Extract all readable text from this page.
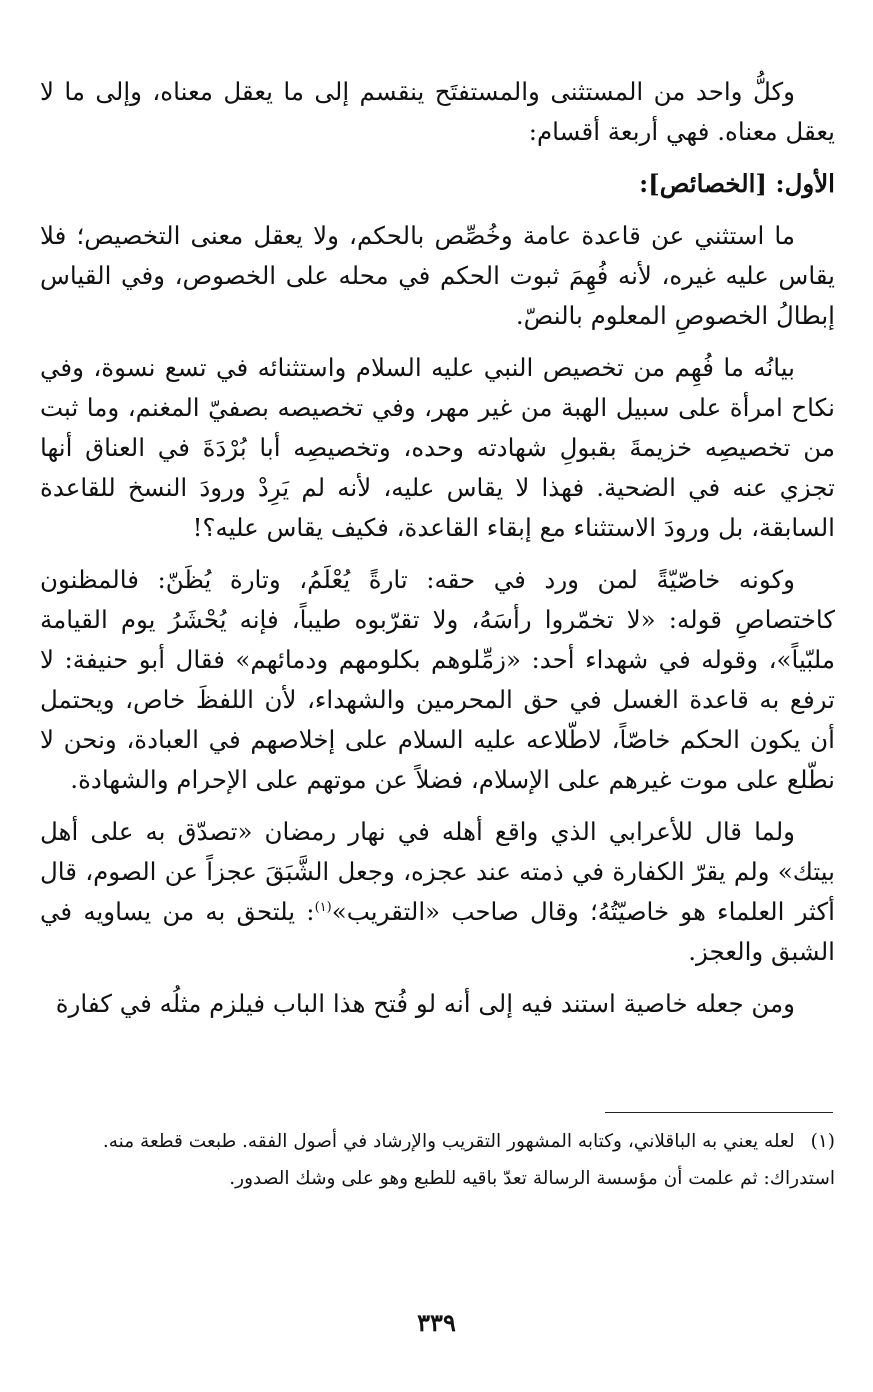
وكلُّ واحد من المستثنى والمستفتَح ينقسم إلى ما يعقل معناه، وإلى ما لا يعقل معناه. فهي أربعة أقسام:

الأول: [الخصائص]:

ما استثني عن قاعدة عامة وخُصِّص بالحكم، ولا يعقل معنى التخصيص؛ فلا يقاس عليه غيره، لأنه فُهِمَ ثبوت الحكم في محله على الخصوص، وفي القياس إبطالُ الخصوصِ المعلوم بالنصّ.

بيانُه ما فُهِم من تخصيص النبي عليه السلام واستثنائه في تسع نسوة، وفي نكاح امرأة على سبيل الهبة من غير مهر، وفي تخصيصه بصفيّ المغنم، وما ثبت من تخصيصِه خزيمةَ بقبولِ شهادته وحده، وتخصيصِه أبا بُرْدَةَ في العناق أنها تجزي عنه في الضحية. فهذا لا يقاس عليه، لأنه لم يَرِدْ ورودَ النسخ للقاعدة السابقة، بل ورودَ الاستثناء مع إبقاء القاعدة، فكيف يقاس عليه؟!

وكونه خاصّيّةً لمن ورد في حقه: تارةً يُعْلَمُ، وتارة يُظَنّ: فالمظنون كاختصاصِ قوله: «لا تخمّروا رأسَهُ، ولا تقرّبوه طيباً، فإنه يُحْشَرُ يوم القيامة ملبّياً»، وقوله في شهداء أحد: «زمِّلوهم بكلومهم ودمائهم» فقال أبو حنيفة: لا ترفع به قاعدة الغسل في حق المحرمين والشهداء، لأن اللفظَ خاص، ويحتمل أن يكون الحكم خاصّاً، لاطّلاعه عليه السلام على إخلاصهم في العبادة، ونحن لا نطّلع على موت غيرهم على الإسلام، فضلاً عن موتهم على الإحرام والشهادة.

ولما قال للأعرابي الذي واقع أهله في نهار رمضان «تصدّق به على أهل بيتك» ولم يقرّ الكفارة في ذمته عند عجزه، وجعل الشَّبَقَ عجزاً عن الصوم، قال أكثر العلماء هو خاصيّتُهُ؛ وقال صاحب «التقريب»$^{(١)}$: يلتحق به من يساويه في الشبق والعجز.

ومن جعله خاصية استند فيه إلى أنه لو فُتح هذا الباب فيلزم مثلُه في كفارة

(١)لعله يعني به الباقلاني، وكتابه المشهور التقريب والإرشاد في أصول الفقه. طبعت قطعة منه.

استدراك: ثم علمت أن مؤسسة الرسالة تعدّ باقيه للطبع وهو على وشك الصدور.

٣٣٩
